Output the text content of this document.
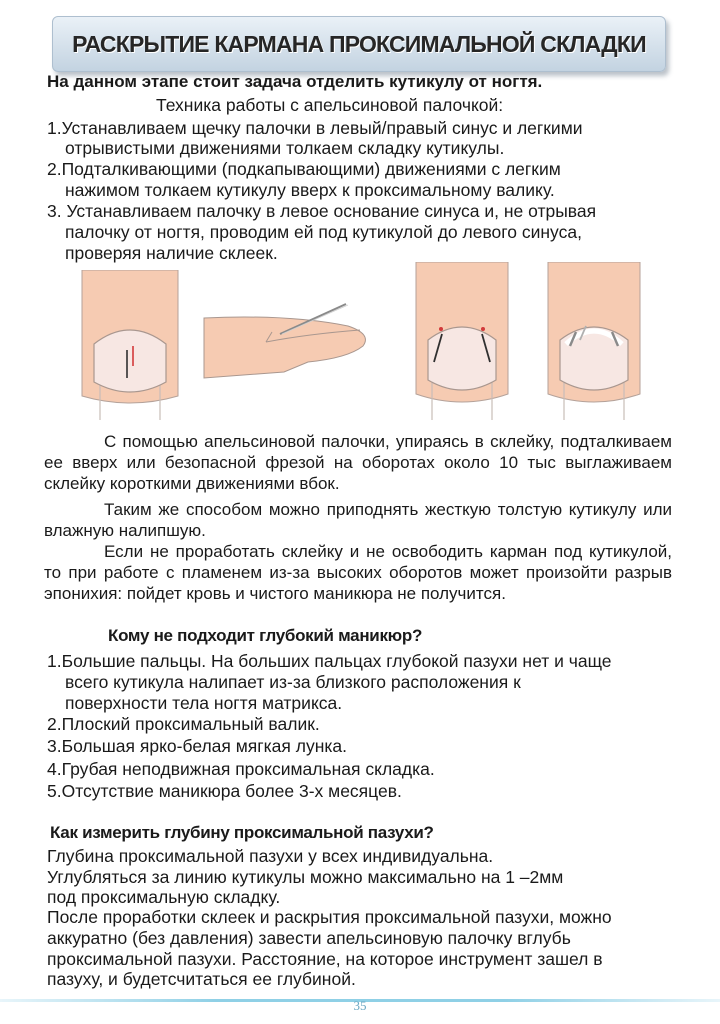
РАСКРЫТИЕ КАРМАНА ПРОКСИМАЛЬНОЙ СКЛАДКИ
На данном этапе стоит задача отделить кутикулу от ногтя.
Техника работы с апельсиновой палочкой:
1.Устанавливаем щечку палочки в левый/правый синус и легкими
отрывистыми движениями толкаем складку кутикулы.
2.Подталкивающими (подкапывающими) движениями с легким
нажимом толкаем кутикулу вверх к проксимальному валику.
3. Устанавливаем палочку в левое основание синуса и, не отрывая
палочку от ногтя, проводим ей под кутикулой до левого синуса,
проверяя наличие склеек.
С помощью апельсиновой палочки, упираясь в склейку, подталкиваем ее вверх или безопасной фрезой на оборотах около 10 тыс выглаживаем склейку короткими движениями вбок.
Таким же способом можно приподнять жесткую толстую кутикулу или влажную налипшую.
Если не проработать склейку и не освободить карман под кутикулой, то при работе с пламенем из-за высоких оборотов может произойти разрыв эпонихия: пойдет кровь и чистого маникюра не получится.
Кому не подходит глубокий маникюр?
1.Большие пальцы. На больших пальцах глубокой пазухи нет и чаще
всего кутикула налипает из-за близкого расположения к
поверхности тела ногтя матрикса.
2.Плоский проксимальный валик.
3.Большая ярко-белая мягкая лунка.
4.Грубая неподвижная проксимальная складка.
5.Отсутствие маникюра более 3-х месяцев.
Как измерить глубину проксимальной пазухи?
Глубина проксимальной пазухи у всех индивидуальна.
Углубляться за линию кутикулы можно максимально на 1 –2мм
под проксимальную складку.
После проработки склеек и раскрытия проксимальной пазухи, можно
аккуратно (без давления) завести апельсиновую палочку вглубь
проксимальной пазухи. Расстояние, на которое инструмент зашел в
пазуху, и будетсчитаться ее глубиной.
35
